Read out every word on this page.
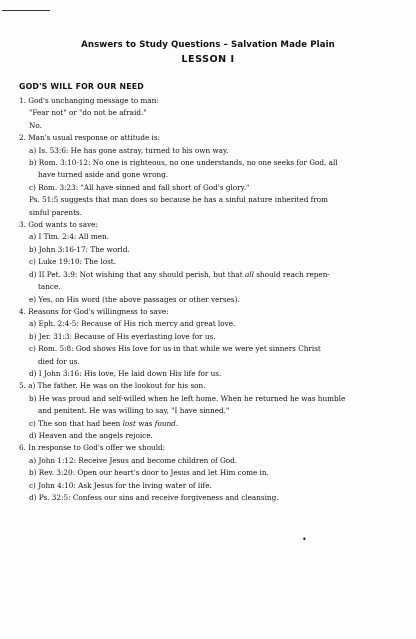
Answers to Study Questions – Salvation Made Plain
LESSON I
GOD'S WILL FOR OUR NEED
1. God's unchanging message to man:
"Fear not" or "do not be afraid."
No.
2. Man's usual response or attitude is:
a) Is. 53:6: He has gone astray, turned to his own way.
b) Rom. 3:10-12: No one is righteous, no one understands, no one seeks for God, all
have turned aside and gone wrong.
c) Rom. 3:23: "All have sinned and fall short of God's glory."
Ps. 51:5 suggests that man does so because he has a sinful nature inherited from
sinful parents.
3. God wants to save:
a) I Tim. 2:4: All men.
b) John 3:16-17: The world.
c) Luke 19:10: The lost.
d) II Pet. 3:9: Not wishing that any should perish, but that all should reach repen-
tance.
e) Yes, on His word (the above passages or other verses).
4. Reasons for God's willingness to save:
a) Eph. 2:4-5: Because of His rich mercy and great love.
b) Jer. 31:3: Because of His everlasting love for us.
c) Rom. 5:8: God shows His love for us in that while we were yet sinners Christ
died for us.
d) I John 3:16: His love, He laid down His life for us.
5. a) The father. He was on the lookout for his son.
b) He was proud and self-willed when he left home. When he returned he was humble
and penitent. He was willing to say, "I have sinned."
c) The son that had been lost was found.
d) Heaven and the angels rejoice.
6. In response to God's offer we should:
a) John 1:12: Receive Jesus and become children of God.
b) Rev. 3:20: Open our heart's door to Jesus and let Him come in.
c) John 4:10: Ask Jesus for the living water of life.
d) Ps. 32:5: Confess our sins and receive forgiveness and cleansing.
•
